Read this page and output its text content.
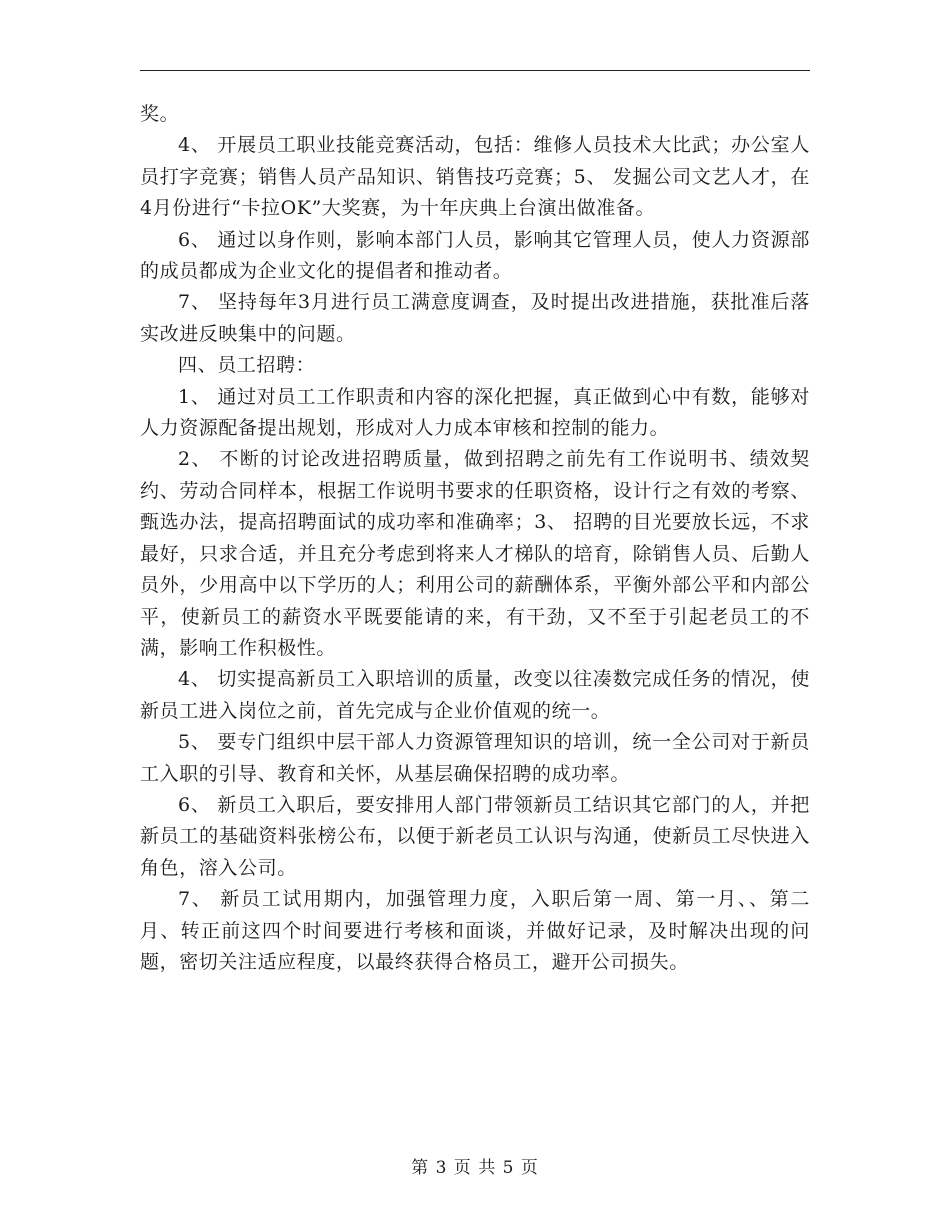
奖。

4、 开展员工职业技能竞赛活动，包括：维修人员技术大比武；办公室人员打字竞赛；销售人员产品知识、销售技巧竞赛；5、 发掘公司文艺人才，在4月份进行“卡拉OK”大奖赛，为十年庆典上台演出做准备。

6、 通过以身作则，影响本部门人员，影响其它管理人员，使人力资源部的成员都成为企业文化的提倡者和推动者。

7、 坚持每年3月进行员工满意度调查，及时提出改进措施，获批准后落实改进反映集中的问题。

四、员工招聘：

1、 通过对员工工作职责和内容的深化把握，真正做到心中有数，能够对人力资源配备提出规划，形成对人力成本审核和控制的能力。

2、 不断的讨论改进招聘质量，做到招聘之前先有工作说明书、绩效契约、劳动合同样本，根据工作说明书要求的任职资格，设计行之有效的考察、甄选办法，提高招聘面试的成功率和准确率；3、 招聘的目光要放长远，不求最好，只求合适，并且充分考虑到将来人才梯队的培育，除销售人员、后勤人员外，少用高中以下学历的人；利用公司的薪酬体系，平衡外部公平和内部公平，使新员工的薪资水平既要能请的来，有干劲，又不至于引起老员工的不满，影响工作积极性。

4、 切实提高新员工入职培训的质量，改变以往凑数完成任务的情况，使新员工进入岗位之前，首先完成与企业价值观的统一。

5、 要专门组织中层干部人力资源管理知识的培训，统一全公司对于新员工入职的引导、教育和关怀，从基层确保招聘的成功率。

6、 新员工入职后，要安排用人部门带领新员工结识其它部门的人，并把新员工的基础资料张榜公布，以便于新老员工认识与沟通，使新员工尽快进入角色，溶入公司。

7、 新员工试用期内，加强管理力度，入职后第一周、第一月、、第二月、转正前这四个时间要进行考核和面谈，并做好记录，及时解决出现的问题，密切关注适应程度，以最终获得合格员工，避开公司损失。

第 3 页 共 5 页
